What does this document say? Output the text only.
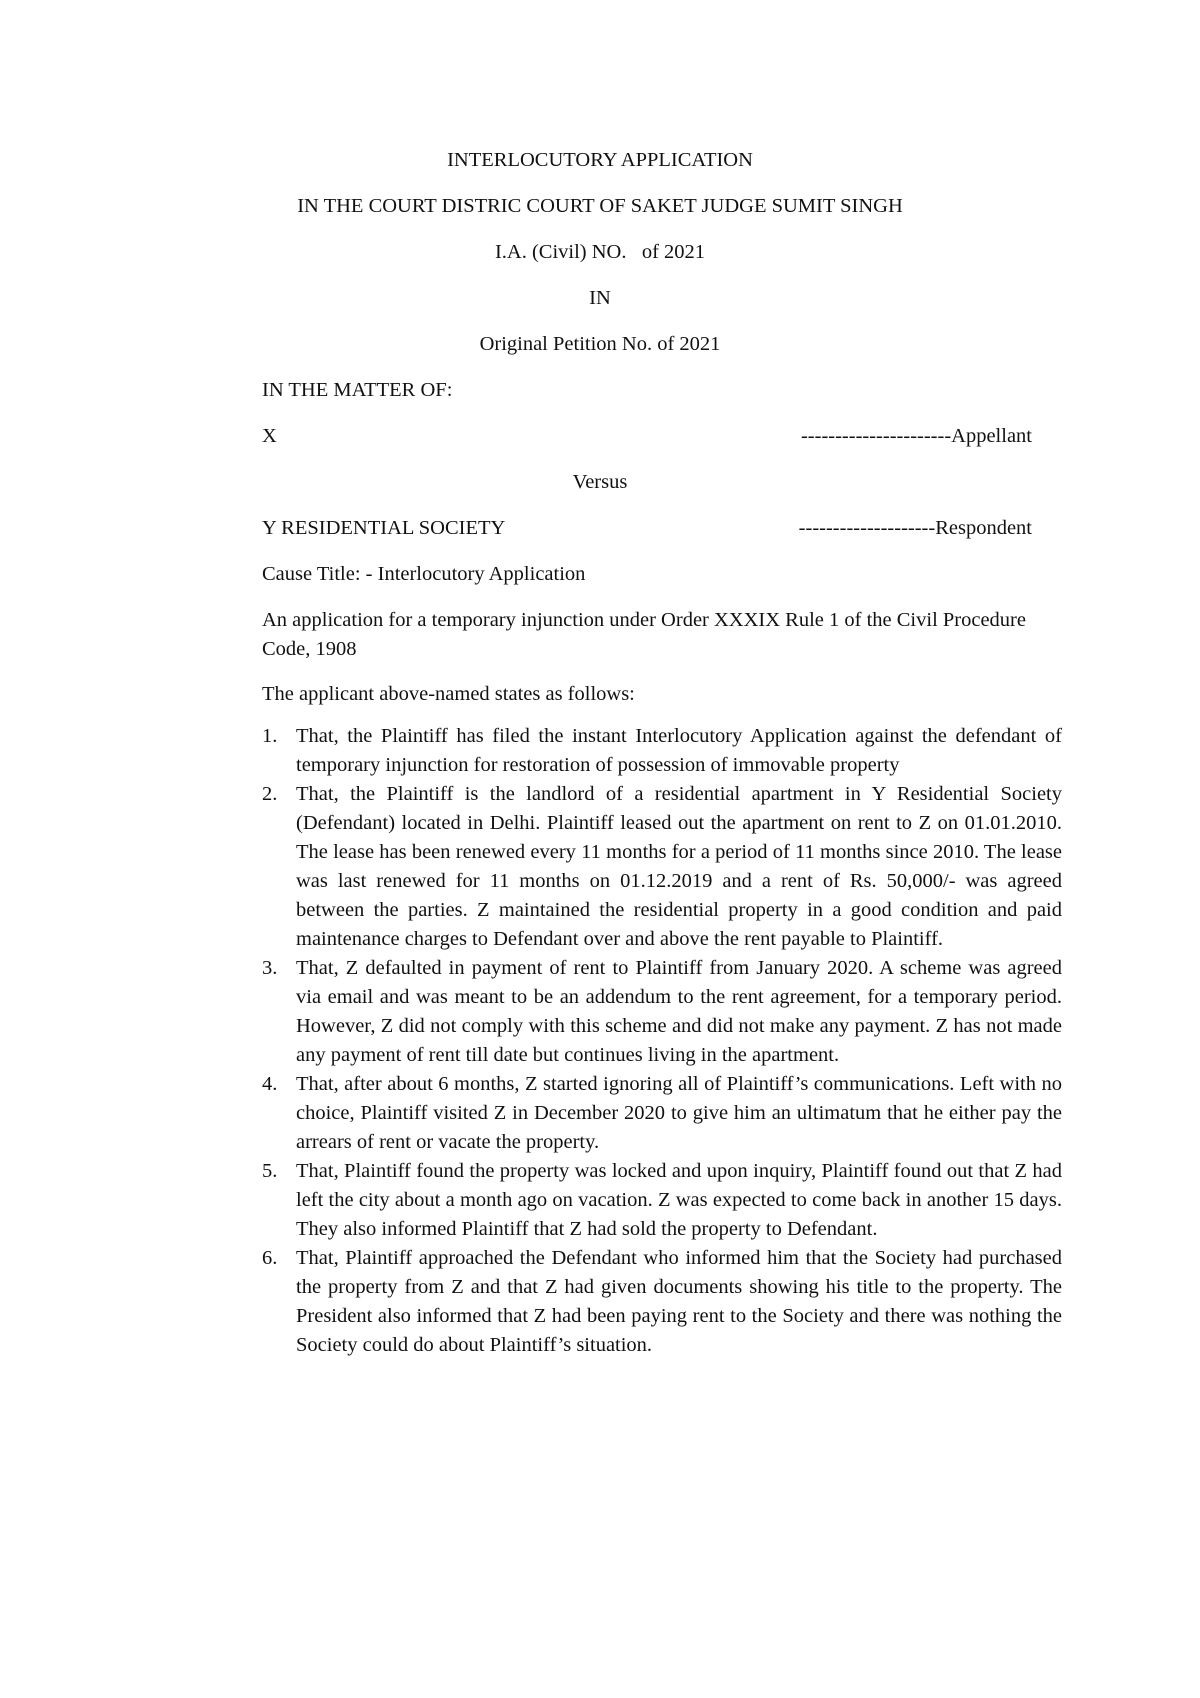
INTERLOCUTORY APPLICATION
IN THE COURT DISTRIC COURT OF SAKET JUDGE SUMIT SINGH
I.A. (Civil) NO.   of 2021
IN
Original Petition No. of 2021
IN THE MATTER OF:
X	----------------------Appellant
Versus
Y RESIDENTIAL SOCIETY	--------------------Respondent
Cause Title: - Interlocutory Application
An application for a temporary injunction under Order XXXIX Rule 1 of the Civil Procedure Code, 1908
The applicant above-named states as follows:
1. That, the Plaintiff has filed the instant Interlocutory Application against the defendant of temporary injunction for restoration of possession of immovable property
2. That, the Plaintiff is the landlord of a residential apartment in Y Residential Society (Defendant) located in Delhi. Plaintiff leased out the apartment on rent to Z on 01.01.2010. The lease has been renewed every 11 months for a period of 11 months since 2010. The lease was last renewed for 11 months on 01.12.2019 and a rent of Rs. 50,000/- was agreed between the parties. Z maintained the residential property in a good condition and paid maintenance charges to Defendant over and above the rent payable to Plaintiff.
3. That, Z defaulted in payment of rent to Plaintiff from January 2020. A scheme was agreed via email and was meant to be an addendum to the rent agreement, for a temporary period. However, Z did not comply with this scheme and did not make any payment. Z has not made any payment of rent till date but continues living in the apartment.
4. That, after about 6 months, Z started ignoring all of Plaintiff’s communications. Left with no choice, Plaintiff visited Z in December 2020 to give him an ultimatum that he either pay the arrears of rent or vacate the property.
5. That, Plaintiff found the property was locked and upon inquiry, Plaintiff found out that Z had left the city about a month ago on vacation. Z was expected to come back in another 15 days. They also informed Plaintiff that Z had sold the property to Defendant.
6. That, Plaintiff approached the Defendant who informed him that the Society had purchased the property from Z and that Z had given documents showing his title to the property. The President also informed that Z had been paying rent to the Society and there was nothing the Society could do about Plaintiff’s situation.
